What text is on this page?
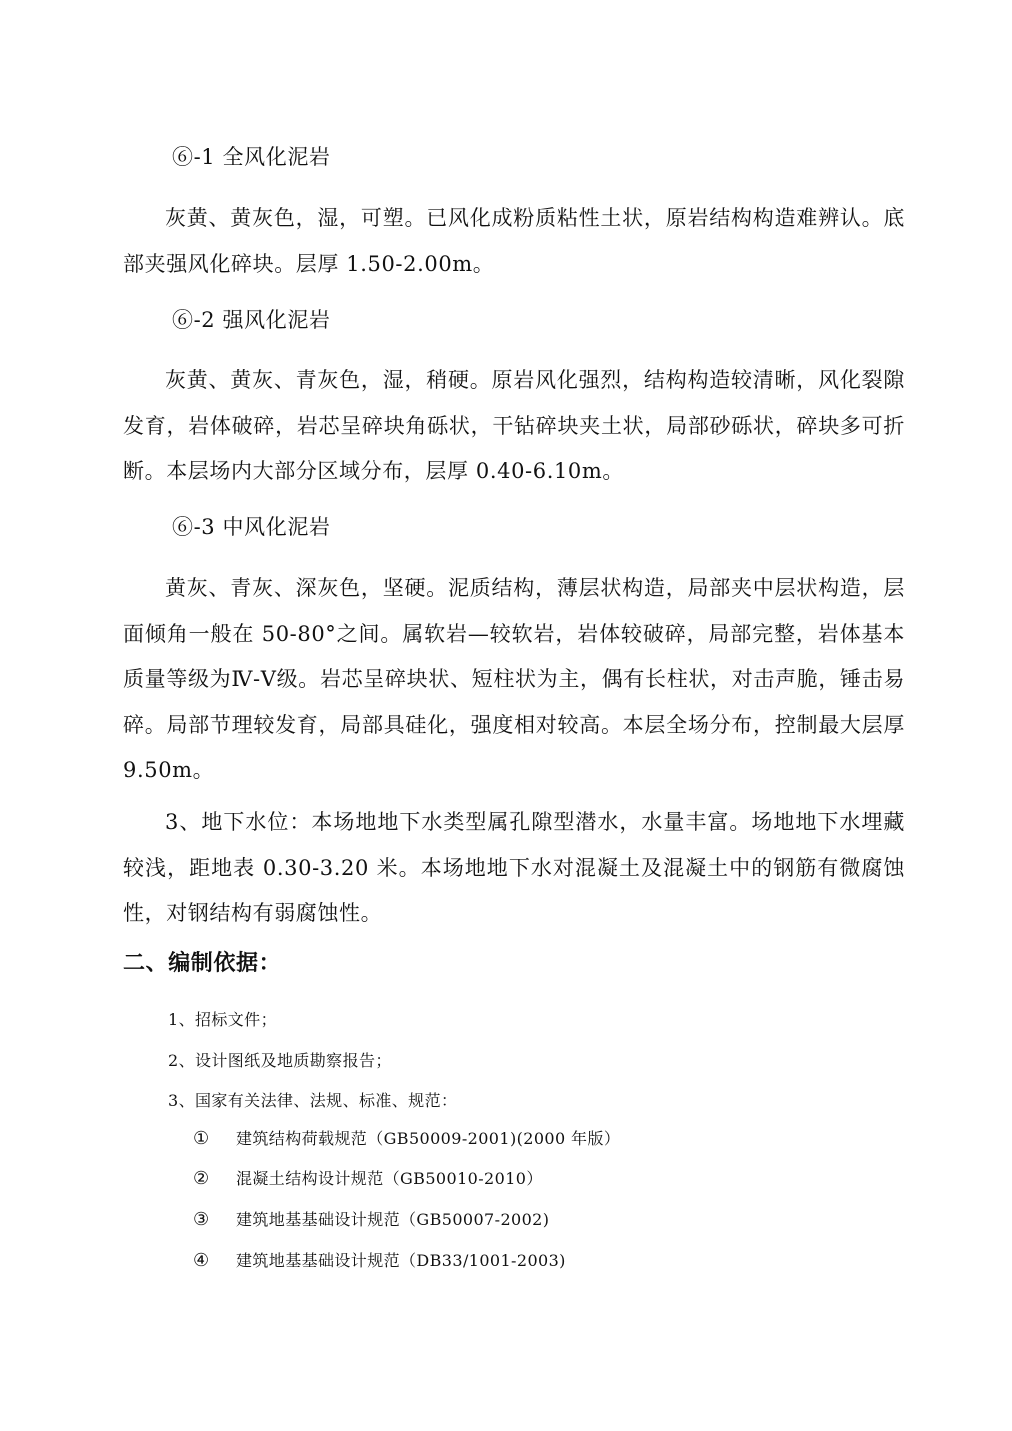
⑥-1 全风化泥岩

灰黄、黄灰色，湿，可塑。已风化成粉质粘性土状，原岩结构构造难辨认。底部夹强风化碎块。层厚 1.50-2.00m。

⑥-2 强风化泥岩

灰黄、黄灰、青灰色，湿，稍硬。原岩风化强烈，结构构造较清晰，风化裂隙发育，岩体破碎，岩芯呈碎块角砾状，干钻碎块夹土状，局部砂砾状，碎块多可折断。本层场内大部分区域分布，层厚 0.40-6.10m。

⑥-3 中风化泥岩

黄灰、青灰、深灰色，坚硬。泥质结构，薄层状构造，局部夹中层状构造，层面倾角一般在 50-80°之间。属软岩—较软岩，岩体较破碎，局部完整，岩体基本质量等级为Ⅳ-Ⅴ级。岩芯呈碎块状、短柱状为主，偶有长柱状，对击声脆，锤击易碎。局部节理较发育，局部具硅化，强度相对较高。本层全场分布，控制最大层厚 9.50m。

3、地下水位：本场地地下水类型属孔隙型潜水，水量丰富。场地地下水埋藏较浅，距地表 0.30-3.20 米。本场地地下水对混凝土及混凝土中的钢筋有微腐蚀性，对钢结构有弱腐蚀性。

二、编制依据：
1、招标文件；
2、设计图纸及地质勘察报告；
3、国家有关法律、法规、标准、规范：
① 建筑结构荷载规范（GB50009-2001)(2000 年版）
② 混凝土结构设计规范（GB50010-2010）
③ 建筑地基基础设计规范（GB50007-2002)
④ 建筑地基基础设计规范（DB33/1001-2003)
